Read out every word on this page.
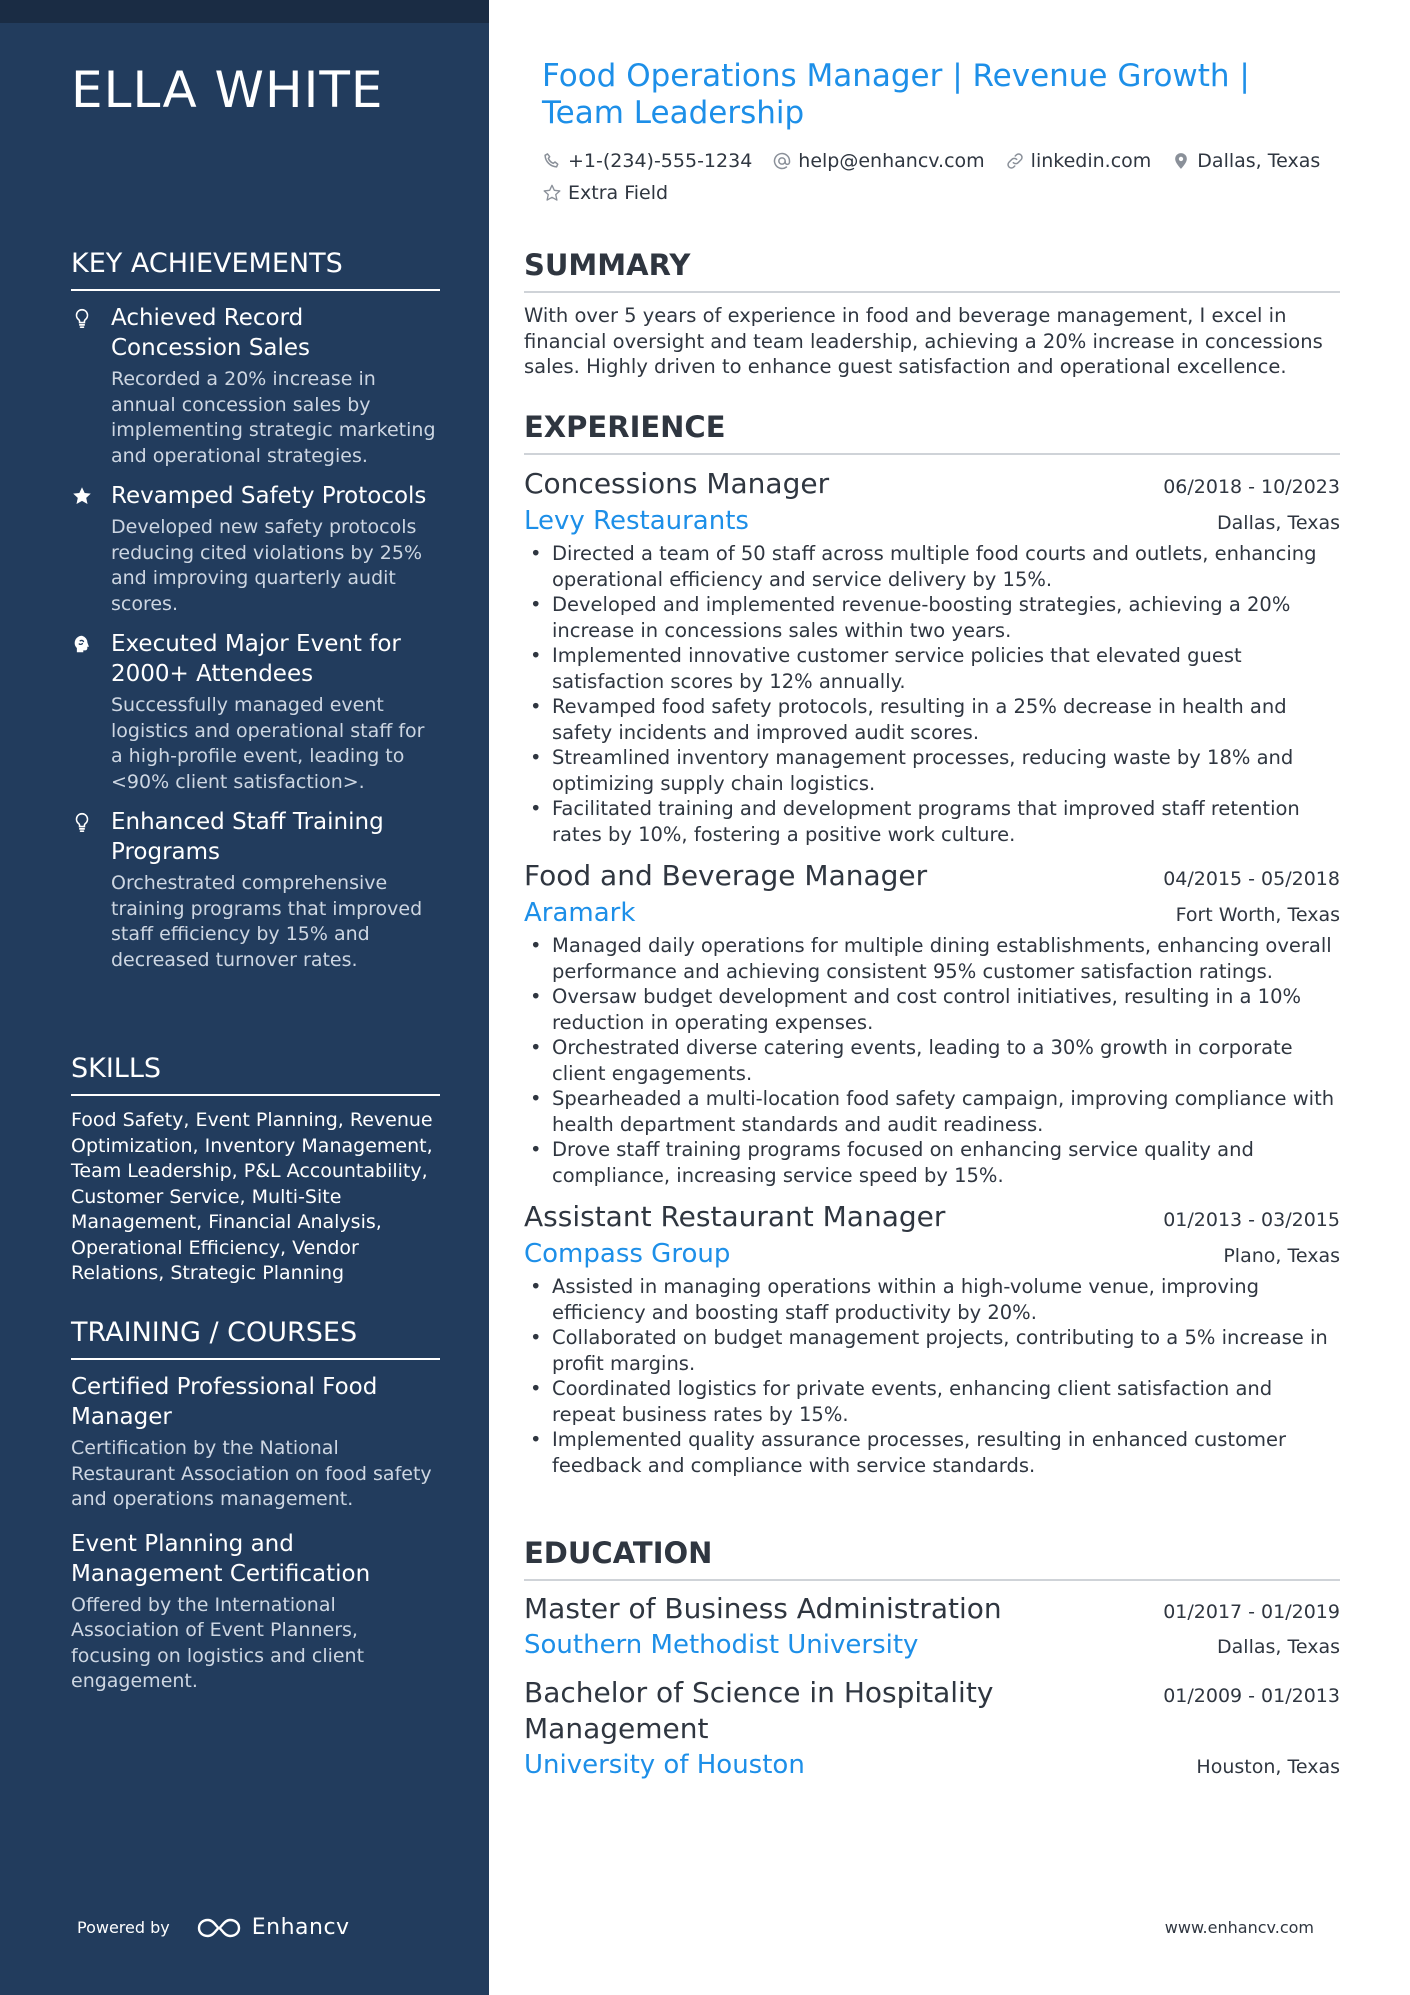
ELLA WHITE
KEY ACHIEVEMENTS
Achieved Record Concession Sales
Recorded a 20% increase in annual concession sales by implementing strategic marketing and operational strategies.
Revamped Safety Protocols
Developed new safety protocols reducing cited violations by 25% and improving quarterly audit scores.
Executed Major Event for 2000+ Attendees
Successfully managed event logistics and operational staff for a high-profile event, leading to <90% client satisfaction>.
Enhanced Staff Training Programs
Orchestrated comprehensive training programs that improved staff efficiency by 15% and decreased turnover rates.
SKILLS
Food Safety, Event Planning, Revenue Optimization, Inventory Management, Team Leadership, P&L Accountability, Customer Service, Multi-Site Management, Financial Analysis, Operational Efficiency, Vendor Relations, Strategic Planning
TRAINING / COURSES
Certified Professional Food Manager
Certification by the National Restaurant Association on food safety and operations management.
Event Planning and Management Certification
Offered by the International Association of Event Planners, focusing on logistics and client engagement.
Powered by	Enhancv
Food Operations Manager | Revenue Growth | Team Leadership
+1-(234)-555-1234 help@enhancv.com linkedin.com Dallas, Texas
Extra Field
SUMMARY

With over 5 years of experience in food and beverage management, I excel in financial oversight and team leadership, achieving a 20% increase in concessions sales. Highly driven to enhance guest satisfaction and operational excellence.

EXPERIENCE
Concessions Manager	06/2018 - 10/2023
Levy Restaurants	Dallas, Texas
• Directed a team of 50 staff across multiple food courts and outlets, enhancing operational efficiency and service delivery by 15%.
• Developed and implemented revenue-boosting strategies, achieving a 20% increase in concessions sales within two years.
• Implemented innovative customer service policies that elevated guest satisfaction scores by 12% annually.
• Revamped food safety protocols, resulting in a 25% decrease in health and safety incidents and improved audit scores.
• Streamlined inventory management processes, reducing waste by 18% and optimizing supply chain logistics.
• Facilitated training and development programs that improved staff retention rates by 10%, fostering a positive work culture.
Food and Beverage Manager	04/2015 - 05/2018
Aramark	Fort Worth, Texas
• Managed daily operations for multiple dining establishments, enhancing overall performance and achieving consistent 95% customer satisfaction ratings.
• Oversaw budget development and cost control initiatives, resulting in a 10% reduction in operating expenses.
• Orchestrated diverse catering events, leading to a 30% growth in corporate client engagements.
• Spearheaded a multi-location food safety campaign, improving compliance with health department standards and audit readiness.
• Drove staff training programs focused on enhancing service quality and compliance, increasing service speed by 15%.
Assistant Restaurant Manager	01/2013 - 03/2015
Compass Group	Plano, Texas
• Assisted in managing operations within a high-volume venue, improving efficiency and boosting staff productivity by 20%.
• Collaborated on budget management projects, contributing to a 5% increase in profit margins.
• Coordinated logistics for private events, enhancing client satisfaction and repeat business rates by 15%.
• Implemented quality assurance processes, resulting in enhanced customer feedback and compliance with service standards.
EDUCATION
Master of Business Administration	01/2017 - 01/2019
Southern Methodist University	Dallas, Texas
Bachelor of Science in Hospitality Management
01/2009 - 01/2013
University of Houston	Houston, Texas
www.enhancv.com
